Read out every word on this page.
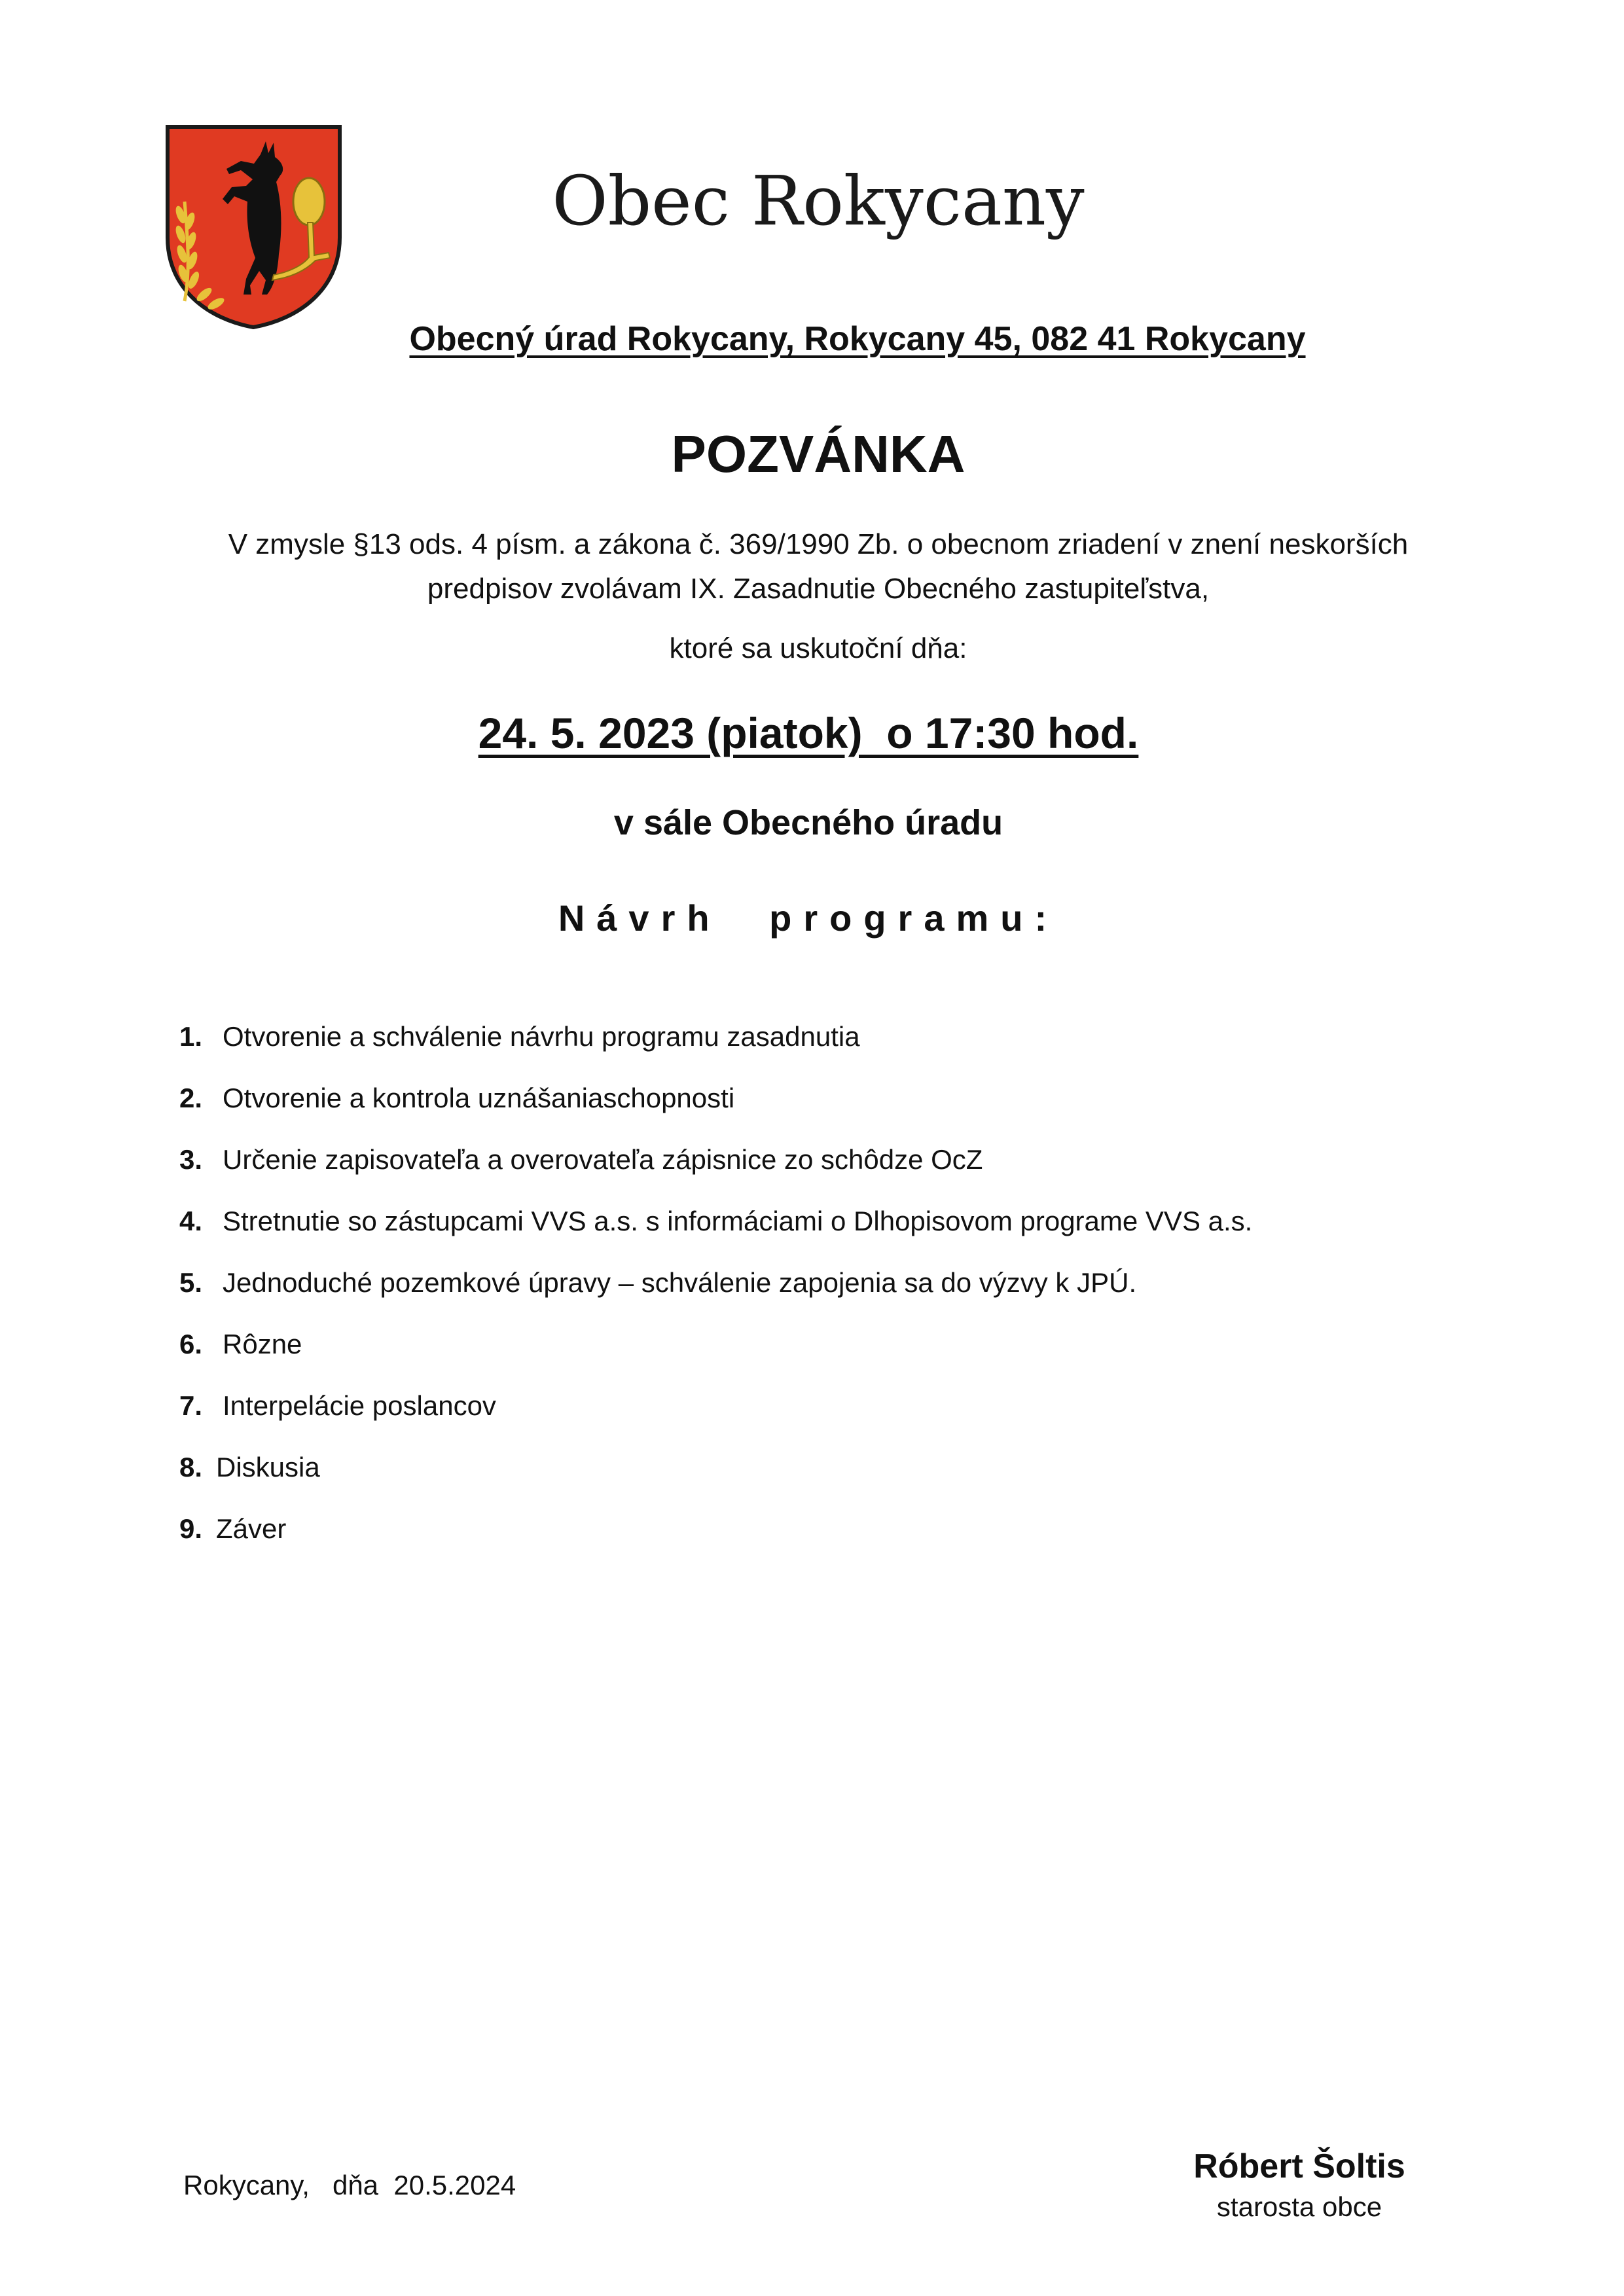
Obec Rokycany
Obecný úrad Rokycany, Rokycany 45, 082 41 Rokycany
POZVÁNKA
V zmysle §13 ods. 4 písm. a zákona č. 369/1990 Zb. o obecnom zriadení v znení neskorších
predpisov zvolávam IX. Zasadnutie Obecného zastupiteľstva,
ktoré sa uskutoční dňa:
24. 5. 2023 (piatok)  o 17:30 hod.
v sále Obecného úradu
Návrh programu:
1. Otvorenie a schválenie návrhu programu zasadnutia
2. Otvorenie a kontrola uznášaniaschopnosti
3. Určenie zapisovateľa a overovateľa zápisnice zo schôdze OcZ
4. Stretnutie so zástupcami VVS a.s. s informáciami o Dlhopisovom programe VVS a.s.
5. Jednoduché pozemkové úpravy – schválenie zapojenia sa do výzvy k JPÚ.
6. Rôzne
7. Interpelácie poslancov
8. Diskusia
9. Záver
Rokycany,   dňa  20.5.2024	Róbert Šoltis
starosta obce
